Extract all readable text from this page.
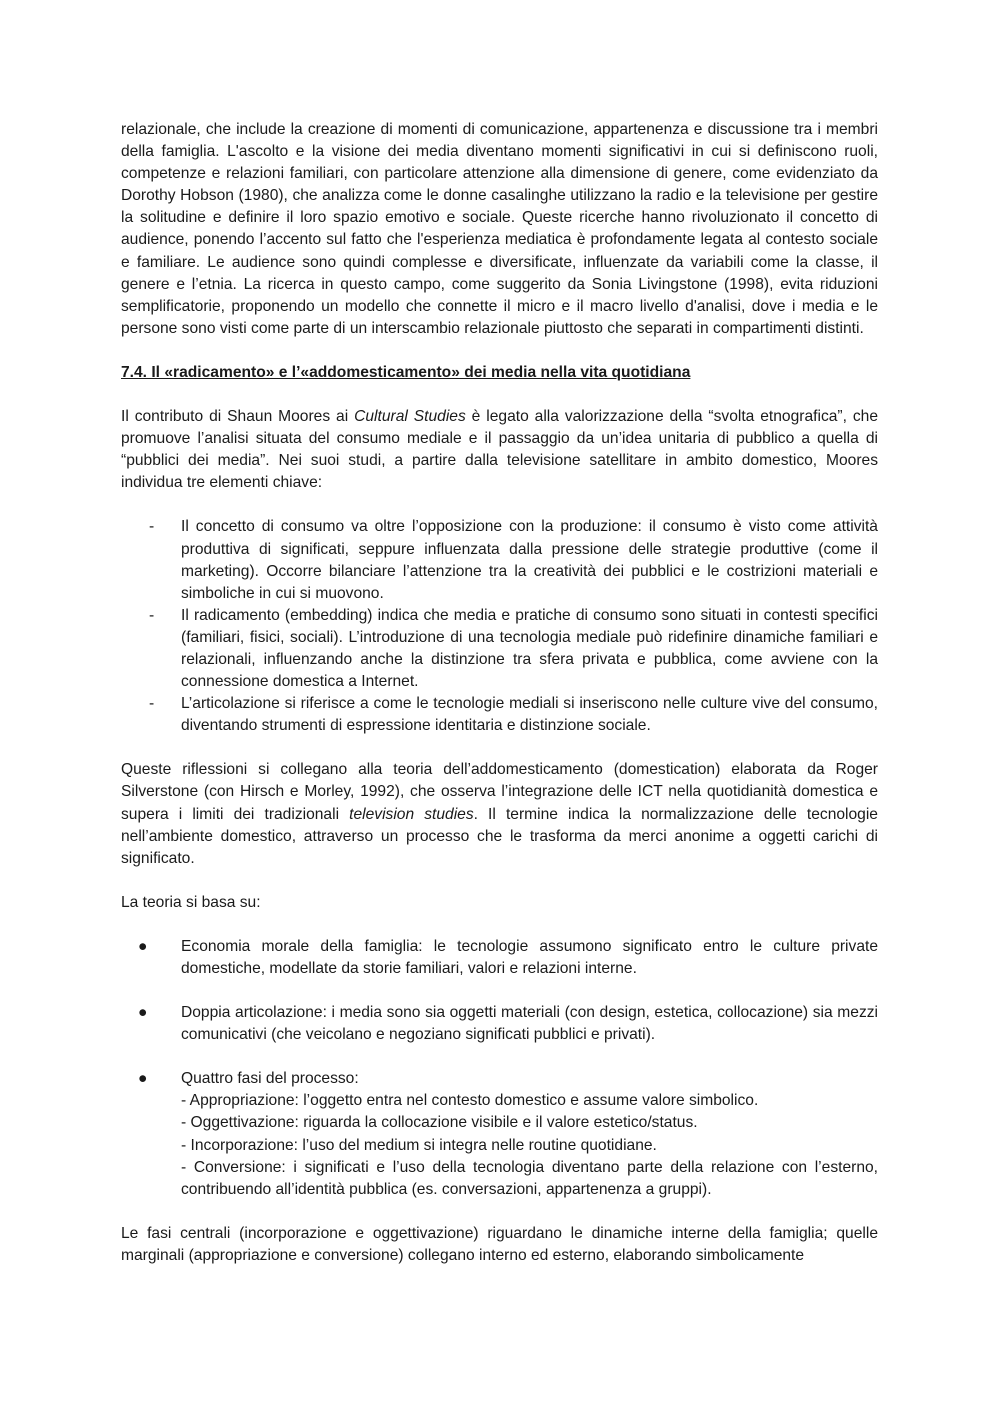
relazionale, che include la creazione di momenti di comunicazione, appartenenza e discussione tra i membri della famiglia. L'ascolto e la visione dei media diventano momenti significativi in cui si definiscono ruoli, competenze e relazioni familiari, con particolare attenzione alla dimensione di genere, come evidenziato da Dorothy Hobson (1980), che analizza come le donne casalinghe utilizzano la radio e la televisione per gestire la solitudine e definire il loro spazio emotivo e sociale. Queste ricerche hanno rivoluzionato il concetto di audience, ponendo l’accento sul fatto che l'esperienza mediatica è profondamente legata al contesto sociale e familiare. Le audience sono quindi complesse e diversificate, influenzate da variabili come la classe, il genere e l’etnia. La ricerca in questo campo, come suggerito da Sonia Livingstone (1998), evita riduzioni semplificatorie, proponendo un modello che connette il micro e il macro livello d'analisi, dove i media e le persone sono visti come parte di un interscambio relazionale piuttosto che separati in compartimenti distinti.

7.4. Il «radicamento» e l’«addomesticamento» dei media nella vita quotidiana

Il contributo di Shaun Moores ai Cultural Studies è legato alla valorizzazione della “svolta etnografica”, che promuove l’analisi situata del consumo mediale e il passaggio da un’idea unitaria di pubblico a quella di “pubblici dei media”. Nei suoi studi, a partire dalla televisione satellitare in ambito domestico, Moores individua tre elementi chiave:

- Il concetto di consumo va oltre l’opposizione con la produzione: il consumo è visto come attività produttiva di significati, seppure influenzata dalla pressione delle strategie produttive (come il marketing). Occorre bilanciare l’attenzione tra la creatività dei pubblici e le costrizioni materiali e simboliche in cui si muovono.
- Il radicamento (embedding) indica che media e pratiche di consumo sono situati in contesti specifici (familiari, fisici, sociali). L’introduzione di una tecnologia mediale può ridefinire dinamiche familiari e relazionali, influenzando anche la distinzione tra sfera privata e pubblica, come avviene con la connessione domestica a Internet.
- L’articolazione si riferisce a come le tecnologie mediali si inseriscono nelle culture vive del consumo, diventando strumenti di espressione identitaria e distinzione sociale.

Queste riflessioni si collegano alla teoria dell’addomesticamento (domestication) elaborata da Roger Silverstone (con Hirsch e Morley, 1992), che osserva l’integrazione delle ICT nella quotidianità domestica e supera i limiti dei tradizionali television studies. Il termine indica la normalizzazione delle tecnologie nell’ambiente domestico, attraverso un processo che le trasforma da merci anonime a oggetti carichi di significato.

La teoria si basa su:

● Economia morale della famiglia: le tecnologie assumono significato entro le culture private domestiche, modellate da storie familiari, valori e relazioni interne.
● Doppia articolazione: i media sono sia oggetti materiali (con design, estetica, collocazione) sia mezzi comunicativi (che veicolano e negoziano significati pubblici e privati).
● Quattro fasi del processo:
- Appropriazione: l’oggetto entra nel contesto domestico e assume valore simbolico.
- Oggettivazione: riguarda la collocazione visibile e il valore estetico/status.
- Incorporazione: l’uso del medium si integra nelle routine quotidiane.
- Conversione: i significati e l’uso della tecnologia diventano parte della relazione con l’esterno, contribuendo all’identità pubblica (es. conversazioni, appartenenza a gruppi).

Le fasi centrali (incorporazione e oggettivazione) riguardano le dinamiche interne della famiglia; quelle marginali (appropriazione e conversione) collegano interno ed esterno, elaborando simbolicamente
